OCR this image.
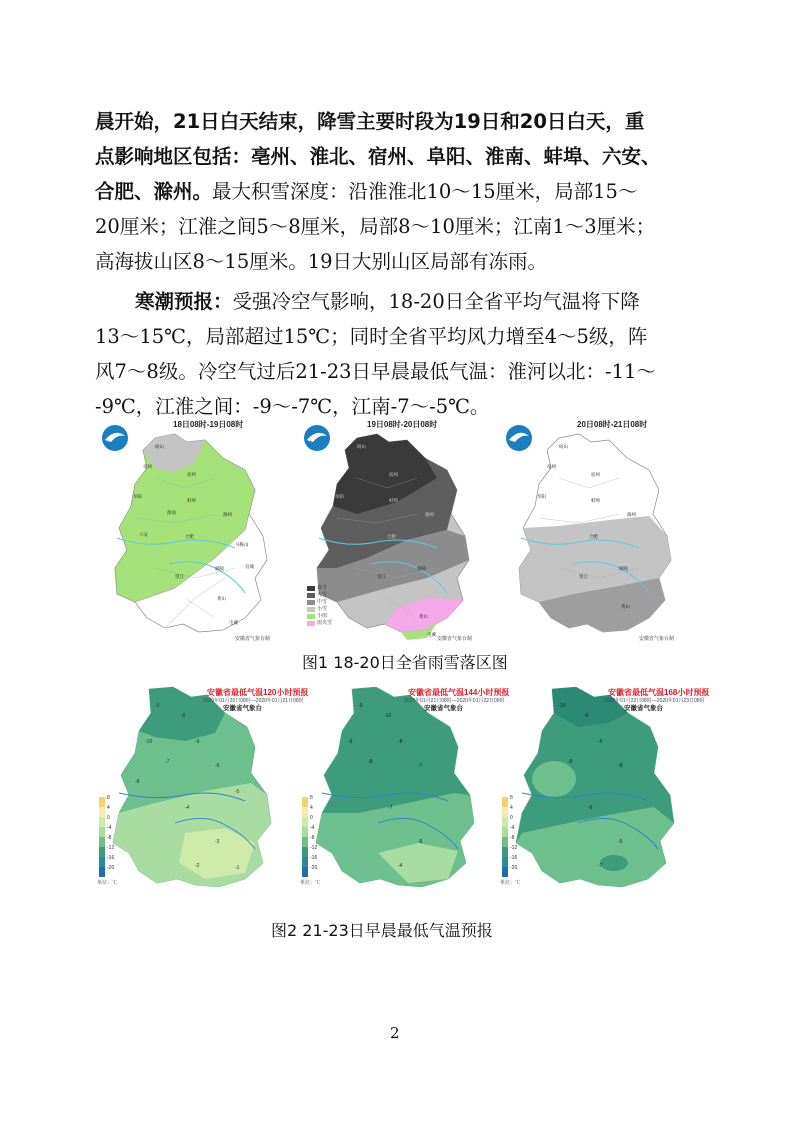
晨开始，21日白天结束，降雪主要时段为19日和20日白天，重
点影响地区包括：亳州、淮北、宿州、阜阳、淮南、蚌埠、六安、
合肥、滁州。最大积雪深度：沿淮淮北10～15厘米，局部15～
20厘米；江淮之间5～8厘米，局部8～10厘米；江南1～3厘米；
高海拔山区8～15厘米。19日大别山区局部有冻雨。
寒潮预报：受强冷空气影响，18-20日全省平均气温将下降
13～15℃，局部超过15℃；同时全省平均风力增至4～5级，阵
风7～8级。冷空气过后21-23日早晨最低气温：淮河以北：-11～
-9℃，江淮之间：-9～-7℃，江南-7～-5℃。
砀山
亳州
宿州
阜阳
蚌埠
淮南	滁州
六安	合肥
马鞍山
铜陵
望江
宣城
黄山
屯溪
18日08时-19日08时
安徽省气象台制
砀山
宿州
阜阳
蚌埠
滁州
合肥
铜陵
望江
黄山
屯溪
暴雪
大雪
中雪
小雪
小雨
雨夹雪
19日08时-20日08时
安徽省气象台制
砀山
亳州
宿州
阜阳
蚌埠
滁州
合肥
铜陵
望江
黄山
20日08时-21日08时
安徽省气象台制
图1 18-20日全省雨雪落区图
-9
-8
-10	-9
-7
-6
-8
-5
-4
-3
-2	-1
8
4
0
-4
-8
-12
-16
-20
单位：℃
安徽省最低气温120小时预报
2020年01月20日08时—2020年01月21日08时
安徽省气象台	-9
-10
-9	-8
-8
-7
-7
-6
-4
8
4
0
-4
-8
-12
-16
-20
单位：℃
安徽省最低气温144小时预报
2020年01月21日08时—2020年01月22日08时
安徽省气象台	-10
-9
-9
-8
-8
-6
-5
-7
8
4
0
-4
-8
-12
-16
-20
单位：℃
安徽省最低气温168小时预报
2020年01月22日08时—2020年01月23日08时
安徽省气象台
图2 21-23日早晨最低气温预报
2
